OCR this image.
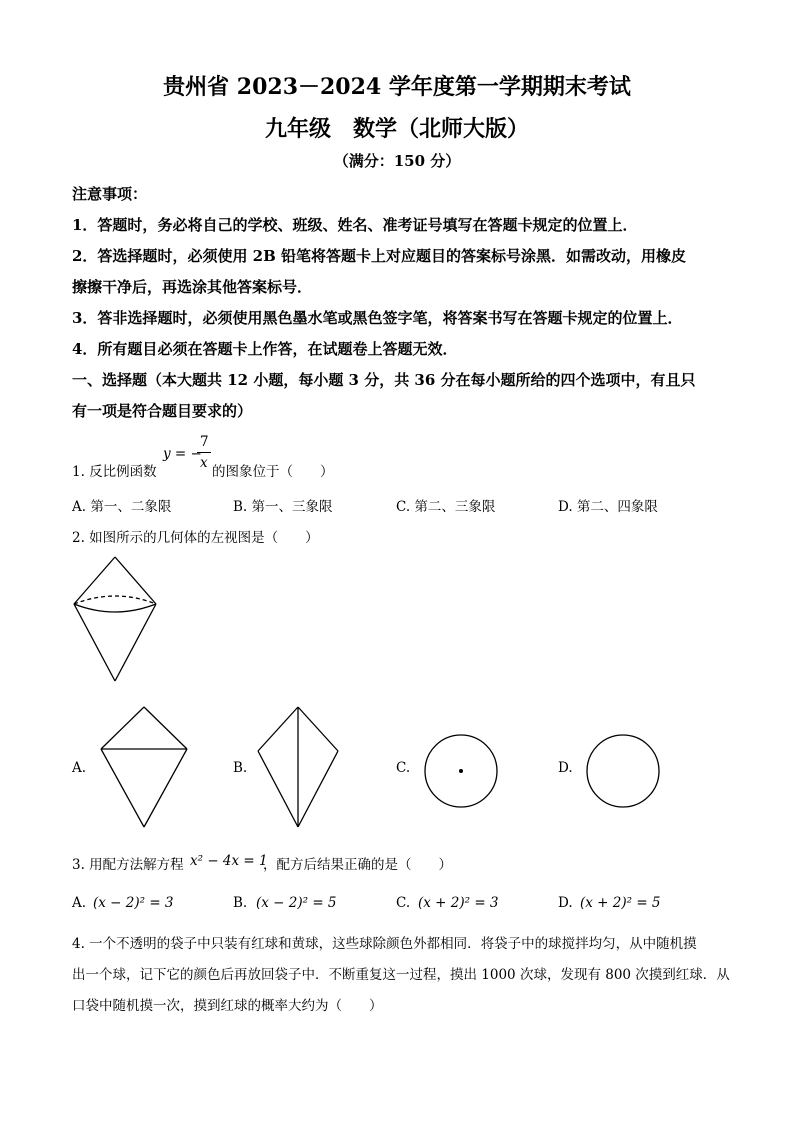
贵州省 2023－2024 学年度第一学期期末考试
九年级　数学（北师大版）
（满分：150 分）
注意事项：
1．答题时，务必将自己的学校、班级、姓名、准考证号填写在答题卡规定的位置上．
2．答选择题时，必须使用 2B 铅笔将答题卡上对应题目的答案标号涂黑．如需改动，用橡皮
擦擦干净后，再选涂其他答案标号．
3．答非选择题时，必须使用黑色墨水笔或黑色签字笔，将答案书写在答题卡规定的位置上．
4．所有题目必须在答题卡上作答，在试题卷上答题无效．
一、选择题（本大题共 12 小题，每小题 3 分，共 36 分在每小题所给的四个选项中，有且只
有一项是符合题目要求的）
1. 反比例函数
y = −
7
x
的图象位于（　　）
A. 第一、二象限	B. 第一、三象限	C. 第二、三象限	D. 第二、四象限
2. 如图所示的几何体的左视图是（　　）
A.	B.	C.	D.
3. 用配方法解方程 x² − 4x = 1
，配方后结果正确的是（　　）
A. (x − 2)² = 3	B. (x − 2)² = 5	C. (x + 2)² = 3	D. (x + 2)² = 5
4. 一个不透明的袋子中只装有红球和黄球，这些球除颜色外都相同．将袋子中的球搅拌均匀，从中随机摸
出一个球，记下它的颜色后再放回袋子中．不断重复这一过程，摸出 1000 次球，发现有 800 次摸到红球．从
口袋中随机摸一次，摸到红球的概率大约为（　　）
